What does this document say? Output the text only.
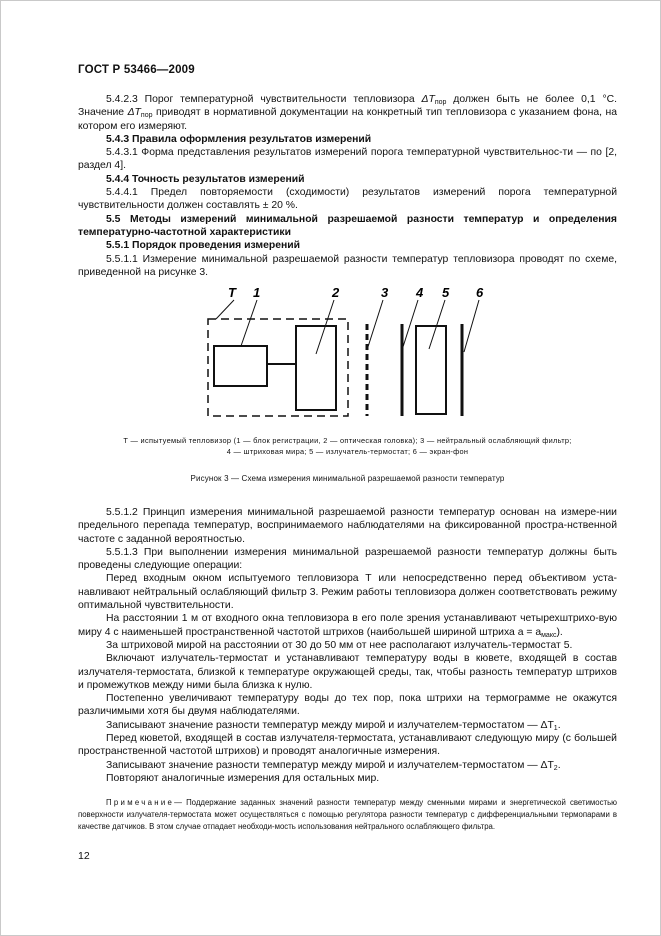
ГОСТ Р 53466—2009

5.4.2.3 Порог температурной чувствительности тепловизора $\Delta T_{пор}$ должен быть не более 0,1 °С. Значение $\Delta T_{пор}$ приводят в нормативной документации на конкретный тип тепловизора с указанием фона, на котором его измеряют.

5.4.3 Правила оформления результатов измерений

5.4.3.1 Форма представления результатов измерений порога температурной чувствительнос-ти — по [2, раздел 4].

5.4.4 Точность результатов измерений

5.4.4.1 Предел повторяемости (сходимости) результатов измерений порога температурной чувствительности должен составлять ± 20 %.

5.5 Методы измерений минимальной разрешаемой разности температур и определения температурно-частотной характеристики

5.5.1 Порядок проведения измерений

5.5.1.1 Измерение минимальной разрешаемой разности температур тепловизора проводят по схеме, приведенной на рисунке 3.

Т 1	2	3 4 5 6
Т — испытуемый тепловизор (1 — блок регистрации, 2 — оптическая головка); 3 — нейтральный ослабляющий фильтр;
4 — штриховая мира; 5 — излучатель-термостат; 6 — экран-фон
Рисунок 3 — Схема измерения минимальной разрешаемой разности температур

5.5.1.2 Принцип измерения минимальной разрешаемой разности температур основан на измере-нии предельного перепада температур, воспринимаемого наблюдателями на фиксированной простра-нственной частоте с заданной вероятностью.

5.5.1.3 При выполнении измерения минимальной разрешаемой разности температур должны быть проведены следующие операции:

Перед входным окном испытуемого тепловизора Т или непосредственно перед объективом уста-навливают нейтральный ослабляющий фильтр 3. Режим работы тепловизора должен соответствовать режиму оптимальной чувствительности.

На расстоянии 1 м от входного окна тепловизора в его поле зрения устанавливают четырехштрихо-вую миру 4 с наименьшей пространственной частотой штрихов (наибольшей шириной штриха $а = а_{макс}$).

За штриховой мирой на расстоянии от 30 до 50 мм от нее располагают излучатель-термостат 5.

Включают излучатель-термостат и устанавливают температуру воды в кювете, входящей в состав излучателя-термостата, близкой к температуре окружающей среды, так, чтобы разность температур штрихов и промежутков между ними была близка к нулю.

Постепенно увеличивают температуру воды до тех пор, пока штрихи на термограмме не окажутся различимыми хотя бы двумя наблюдателями.

Записывают значение разности температур между мирой и излучателем-термостатом — $\Delta T_1$.

Перед кюветой, входящей в состав излучателя-термостата, устанавливают следующую миру (с большей пространственной частотой штрихов) и проводят аналогичные измерения.

Записывают значение разности температур между мирой и излучателем-термостатом — $\Delta T_2$.

Повторяют аналогичные измерения для остальных мир.

Примечание— Поддержание заданных значений разности температур между сменными мирами и энергетической светимостью поверхности излучателя-термостата может осуществляться с помощью регулятора разности температур с дифференциальными термопарами в качестве датчиков. В этом случае отпадает необходи-мость использования нейтрального ослабляющего фильтра.

12
